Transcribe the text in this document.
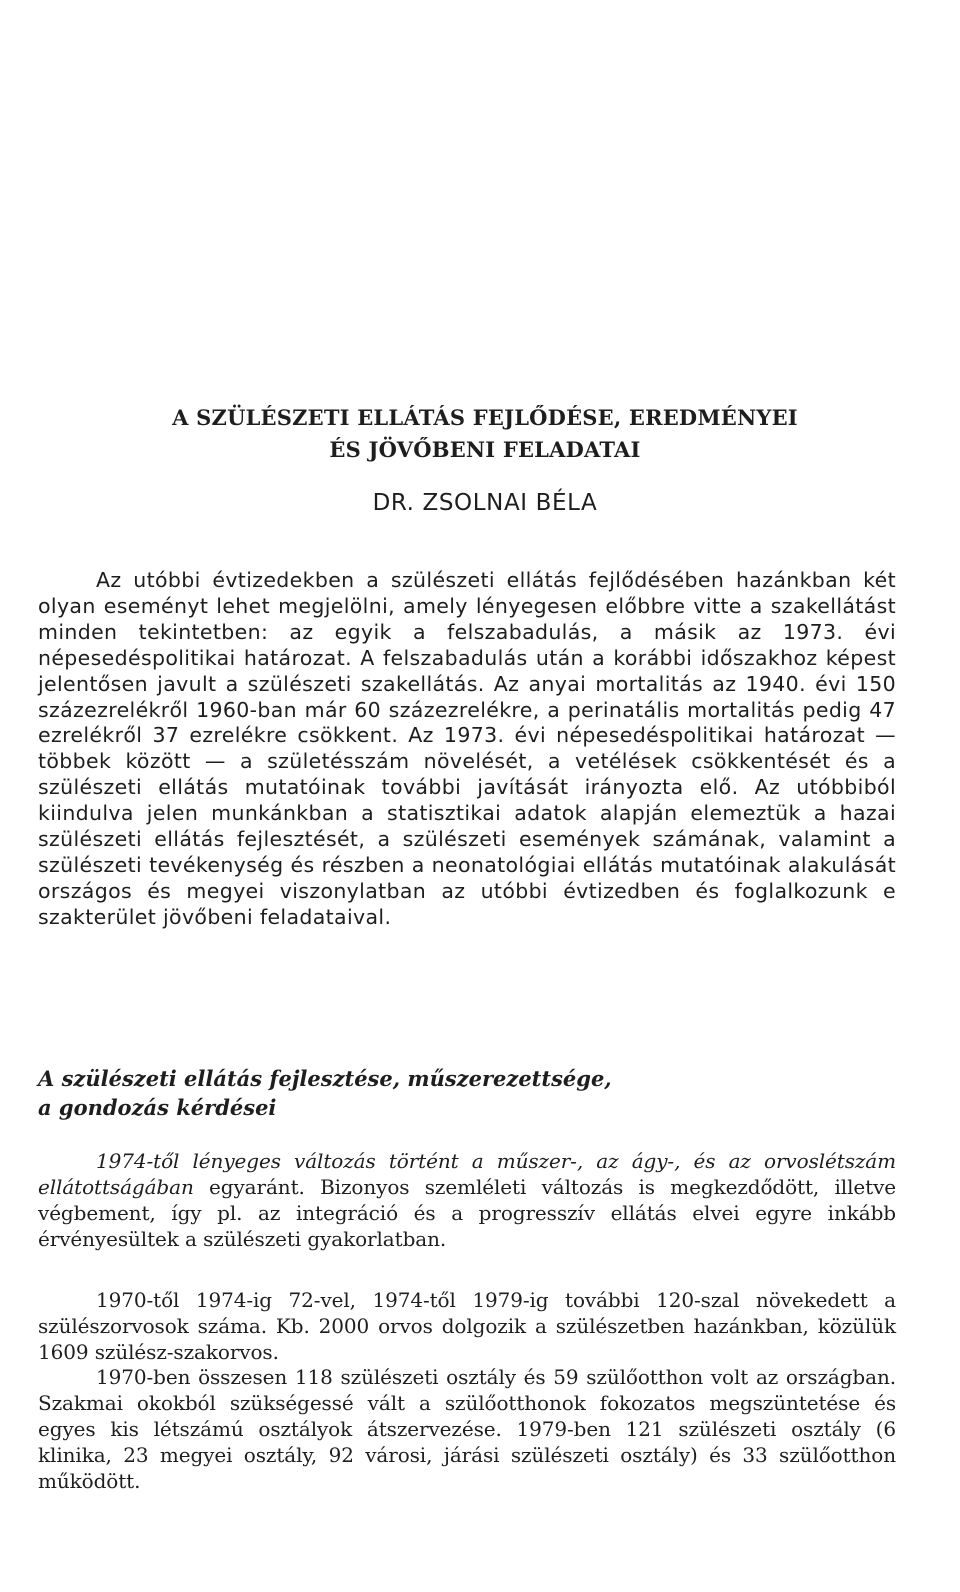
A SZÜLÉSZETI ELLÁTÁS FEJLŐDÉSE, EREDMÉNYEI
ÉS JÖVŐBENI FELADATAI

DR. ZSOLNAI BÉLA

Az utóbbi évtizedekben a szülészeti ellátás fejlődésében hazánkban két olyan eseményt lehet megjelölni, amely lényegesen előbbre vitte a szakellátást minden tekintetben: az egyik a felszabadulás, a másik az 1973. évi népesedéspolitikai határozat. A felszabadulás után a korábbi időszakhoz képest jelentősen javult a szülészeti szakellátás. Az anyai mortalitás az 1940. évi 150 százezrelékről 1960-ban már 60 százezrelékre, a perinatális mortalitás pedig 47 ezrelékről 37 ezrelékre csökkent. Az 1973. évi népesedéspolitikai határozat — többek között — a születésszám növelését, a vetélések csökkentését és a szülészeti ellátás mutatóinak további javítását irányozta elő. Az utóbbiból kiindulva jelen munkánkban a statisztikai adatok alapján elemeztük a hazai szülészeti ellátás fejlesztését, a szülészeti események számának, valamint a szülészeti tevékenység és részben a neonatológiai ellátás mutatóinak alakulását országos és megyei viszonylatban az utóbbi évtizedben és foglalkozunk e szakterület jövőbeni feladataival.

A szülészeti ellátás fejlesztése, műszerezettsége,
a gondozás kérdései

1974-től lényeges változás történt a műszer-, az ágy-, és az orvoslétszám ellátottságában egyaránt. Bizonyos szemléleti változás is megkezdődött, illetve végbement, így pl. az integráció és a progresszív ellátás elvei egyre inkább érvényesültek a szülészeti gyakorlatban.

1970-től 1974-ig 72-vel, 1974-től 1979-ig további 120-szal növekedett a szülészorvosok száma. Kb. 2000 orvos dolgozik a szülészetben hazánkban, közülük 1609 szülész-szakorvos.

1970-ben összesen 118 szülészeti osztály és 59 szülőotthon volt az országban. Szakmai okokból szükségessé vált a szülőotthonok fokozatos megszüntetése és egyes kis létszámú osztályok átszervezése. 1979-ben 121 szülészeti osztály (6 klinika, 23 megyei osztály, 92 városi, járási szülészeti osztály) és 33 szülőotthon működött.
